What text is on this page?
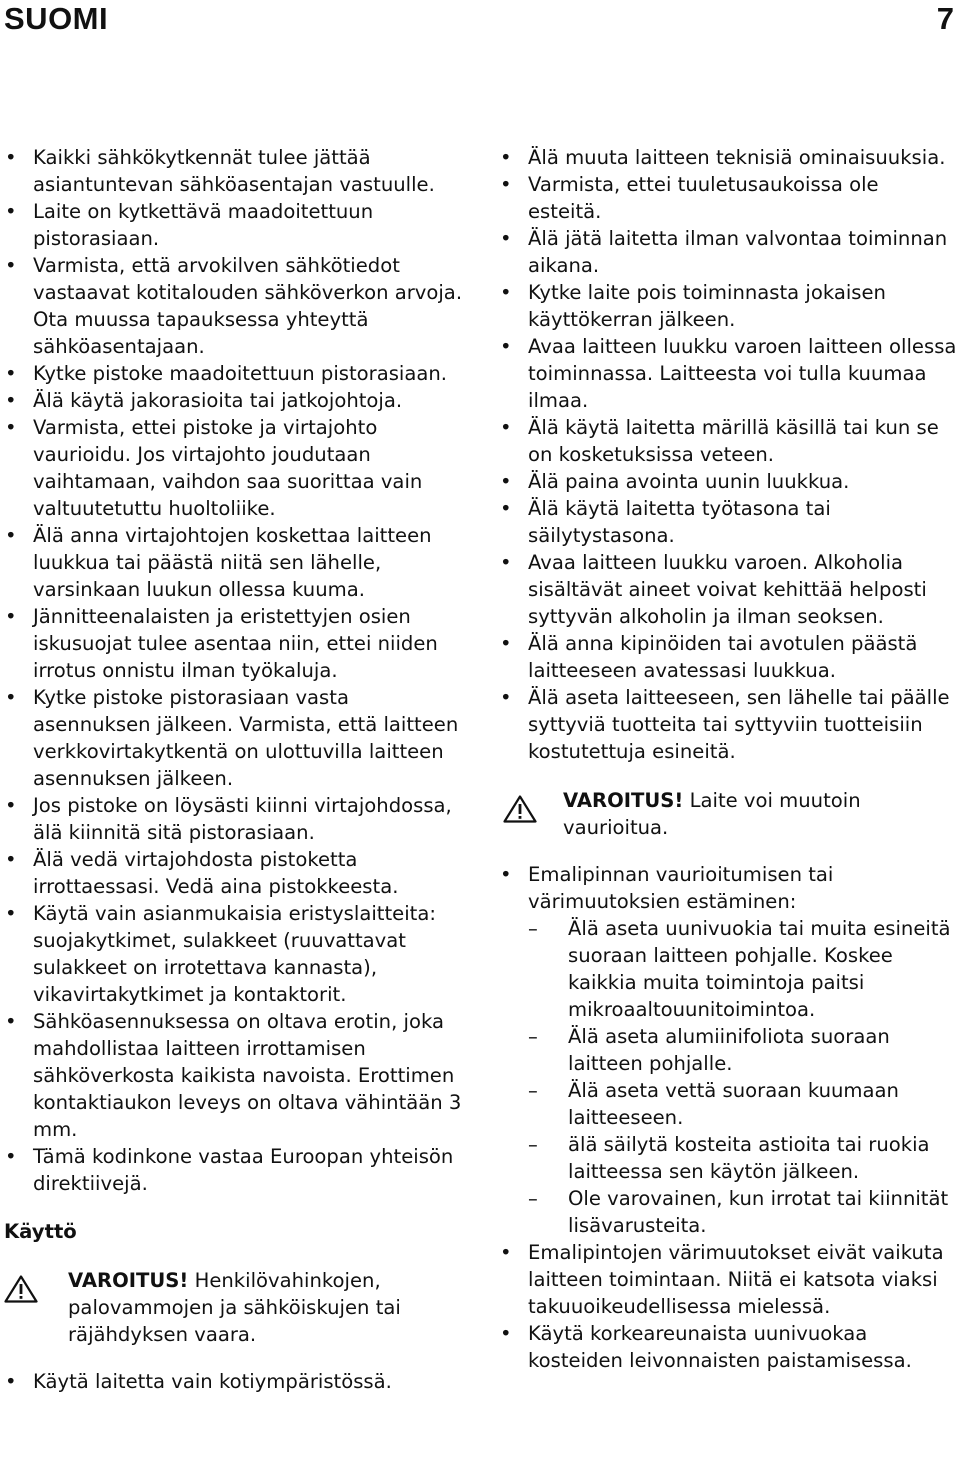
SUOMI	7
• Kaikki sähkökytkennät tulee jättää asiantuntevan sähköasentajan vastuulle.
• Laite on kytkettävä maadoitettuun pistorasiaan.
• Varmista, että arvokilven sähkötiedot vastaavat kotitalouden sähköverkon arvoja. Ota muussa tapauksessa yhteyttä sähköasentajaan.
• Kytke pistoke maadoitettuun pistorasiaan.
• Älä käytä jakorasioita tai jatkojohtoja.
• Varmista, ettei pistoke ja virtajohto vaurioidu. Jos virtajohto joudutaan vaihtamaan, vaihdon saa suorittaa vain valtuutetuttu huoltoliike.
• Älä anna virtajohtojen koskettaa laitteen luukkua tai päästä niitä sen lähelle, varsinkaan luukun ollessa kuuma.
• Jännitteenalaisten ja eristettyjen osien iskusuojat tulee asentaa niin, ettei niiden irrotus onnistu ilman työkaluja.
• Kytke pistoke pistorasiaan vasta asennuksen jälkeen. Varmista, että laitteen verkkovirtakytkentä on ulottuvilla laitteen asennuksen jälkeen.
• Jos pistoke on löysästi kiinni virtajohdossa, älä kiinnitä sitä pistorasiaan.
• Älä vedä virtajohdosta pistoketta irrottaessasi. Vedä aina pistokkeesta.
• Käytä vain asianmukaisia eristyslaitteita: suojakytkimet, sulakkeet (ruuvattavat sulakkeet on irrotettava kannasta), vikavirtakytkimet ja kontaktorit.
• Sähköasennuksessa on oltava erotin, joka mahdollistaa laitteen irrottamisen sähköverkosta kaikista navoista. Erottimen kontaktiaukon leveys on oltava vähintään 3 mm.
• Tämä kodinkone vastaa Euroopan yhteisön direktiivejä.
Käyttö

VAROITUS! Henkilövahinkojen, palovammojen ja sähköiskujen tai räjähdyksen vaara.

• Käytä laitetta vain kotiympäristössä.
• Älä muuta laitteen teknisiä ominaisuuksia.
• Varmista, ettei tuuletusaukoissa ole esteitä.
• Älä jätä laitetta ilman valvontaa toiminnan aikana.
• Kytke laite pois toiminnasta jokaisen käyttökerran jälkeen.
• Avaa laitteen luukku varoen laitteen ollessa toiminnassa. Laitteesta voi tulla kuumaa ilmaa.
• Älä käytä laitetta märillä käsillä tai kun se on kosketuksissa veteen.
• Älä paina avointa uunin luukkua.
• Älä käytä laitetta työtasona tai säilytystasona.
• Avaa laitteen luukku varoen. Alkoholia sisältävät aineet voivat kehittää helposti syttyvän alkoholin ja ilman seoksen.
• Älä anna kipinöiden tai avotulen päästä laitteeseen avatessasi luukkua.
• Älä aseta laitteeseen, sen lähelle tai päälle syttyviä tuotteita tai syttyviin tuotteisiin kostutettuja esineitä.

VAROITUS! Laite voi muutoin vaurioitua.

• Emalipinnan vaurioitumisen tai värimuutoksien estäminen:
– Älä aseta uunivuokia tai muita esineitä suoraan laitteen pohjalle. Koskee kaikkia muita toimintoja paitsi mikroaaltouunitoimintoa.
– Älä aseta alumiinifoliota suoraan laitteen pohjalle.
– Älä aseta vettä suoraan kuumaan laitteeseen.
– älä säilytä kosteita astioita tai ruokia laitteessa sen käytön jälkeen.
– Ole varovainen, kun irrotat tai kiinnität lisävarusteita.
• Emalipintojen värimuutokset eivät vaikuta laitteen toimintaan. Niitä ei katsota viaksi takuuoikeudellisessa mielessä.
• Käytä korkeareunaista uunivuokaa kosteiden leivonnaisten paistamisessa.
